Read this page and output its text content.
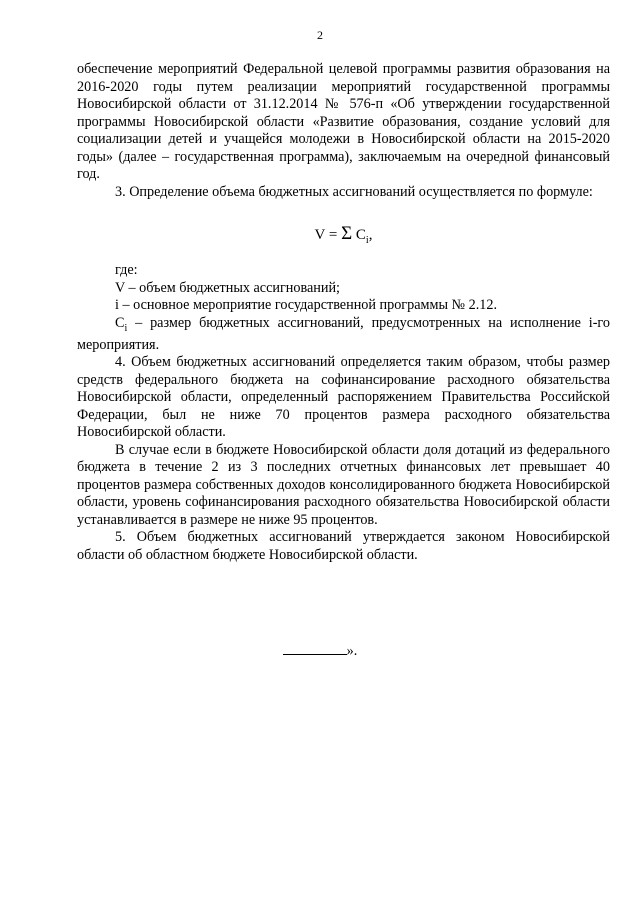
2

обеспечение мероприятий Федеральной целевой программы развития образования на 2016-2020 годы путем реализации мероприятий государственной программы Новосибирской области от 31.12.2014 № 576-п «Об утверждении государственной программы Новосибирской области «Развитие образования, создание условий для социализации детей и учащейся молодежи в Новосибирской области на 2015-2020 годы» (далее – государственная программа), заключаемым на очередной финансовый год.

3. Определение объема бюджетных ассигнований осуществляется по формуле:

V = Σ $C_i$,

где:

V – объем бюджетных ассигнований;

i – основное мероприятие государственной программы № 2.12.

$C_i$ – размер бюджетных ассигнований, предусмотренных на исполнение i-го мероприятия.

4. Объем бюджетных ассигнований определяется таким образом, чтобы размер средств федерального бюджета на софинансирование расходного обязательства Новосибирской области, определенный распоряжением Правительства Российской Федерации, был не ниже 70 процентов размера расходного обязательства Новосибирской области.

В случае если в бюджете Новосибирской области доля дотаций из федерального бюджета в течение 2 из 3 последних отчетных финансовых лет превышает 40 процентов размера собственных доходов консолидированного бюджета Новосибирской области, уровень софинансирования расходного обязательства Новосибирской области устанавливается в размере не ниже 95 процентов.

5. Объем бюджетных ассигнований утверждается законом Новосибирской области об областном бюджете Новосибирской области.

».
